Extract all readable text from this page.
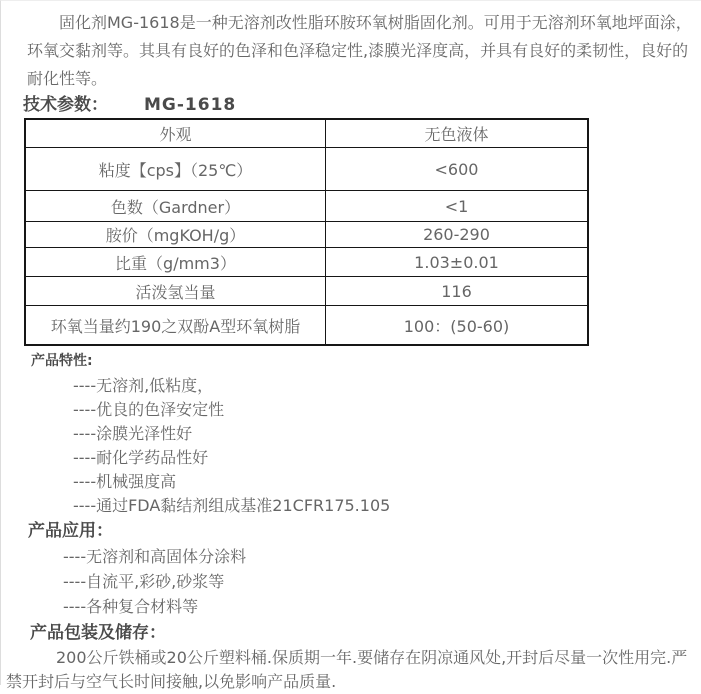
固化剂MG-1618是一种无溶剂改性脂环胺环氧树脂固化剂。可用于无溶剂环氧地坪面涂，环氧交黏剂等。其具有良好的色泽和色泽稳定性,漆膜光泽度高，并具有良好的柔韧性，良好的耐化性等。

技术参数： MG-1618
外观	无色液体
粘度【cps】（25℃）	<600
色数（Gardner）	<1
胺价（mgKOH/g）	260-290
比重（g/mm3）	1.03±0.01
活泼氢当量	116
环氧当量约190之双酚A型环氧树脂	100：(50-60)
产品特性:
----无溶剂,低粘度，
----优良的色泽安定性
----涂膜光泽性好
----耐化学药品性好
----机械强度高
----通过FDA黏结剂组成基准21CFR175.105
产品应用：
----无溶剂和高固体分涂料
----自流平,彩砂,砂浆等
----各种复合材料等
产品包装及储存：

200公斤铁桶或20公斤塑料桶.保质期一年.要储存在阴凉通风处,开封后尽量一次性用完.严禁开封后与空气长时间接触,以免影响产品质量.
